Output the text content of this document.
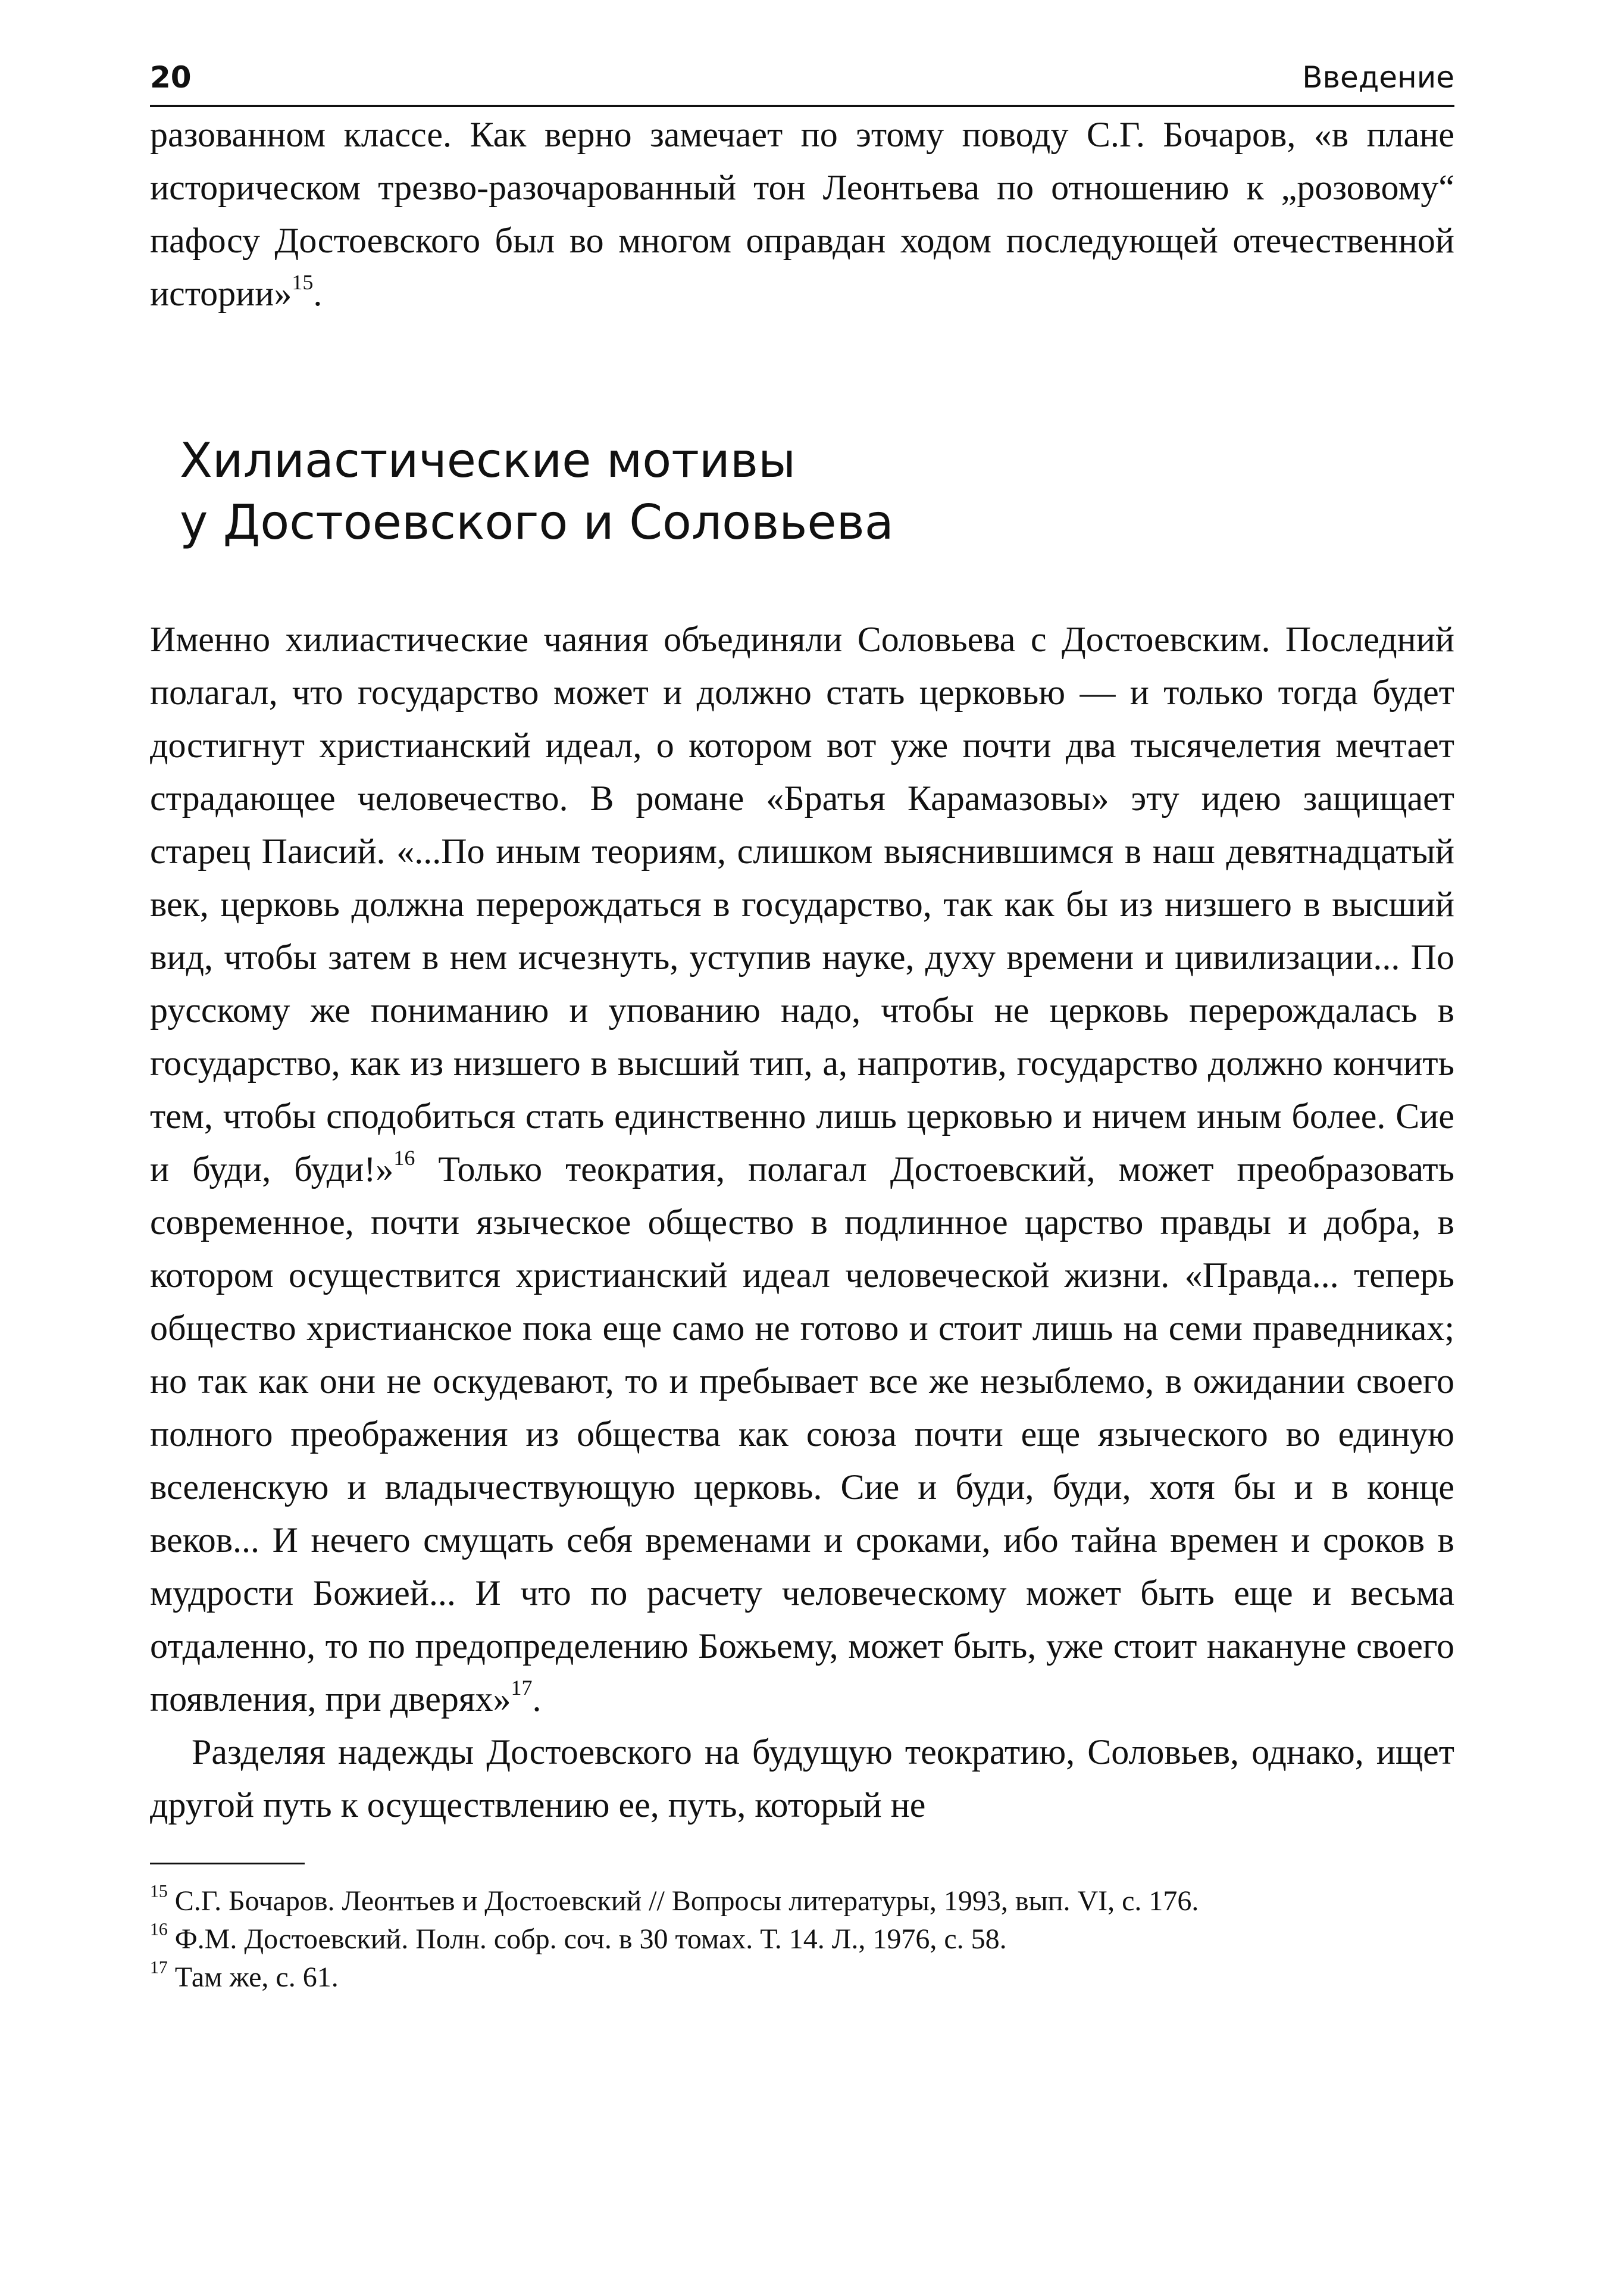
20	Введение

разованном классе. Как верно замечает по этому поводу С.Г. Бочаров, «в плане историческом трезво-разочарованный тон Леонтьева по отношению к „розовому“ пафосу Достоевского был во многом оправдан ходом последующей отечественной истории»$^{15}$.

Хилиастические мотивы
у Достоевского и Соловьева

Именно хилиастические чаяния объединяли Соловьева с Достоевским. Последний полагал, что государство может и должно стать церковью — и только тогда будет достигнут христианский идеал, о котором вот уже почти два тысячелетия мечтает страдающее человечество. В романе «Братья Карамазовы» эту идею защищает старец Паисий. «...По иным теориям, слишком выяснившимся в наш девятнадцатый век, церковь должна перерождаться в государство, так как бы из низшего в высший вид, чтобы затем в нем исчезнуть, уступив науке, духу времени и цивилизации... По русскому же пониманию и упованию надо, чтобы не церковь перерождалась в государство, как из низшего в высший тип, а, напротив, государство должно кончить тем, чтобы сподобиться стать единственно лишь церковью и ничем иным более. Сие и буди, буди!»$^{16}$ Только теократия, полагал Достоевский, может преобразовать современное, почти языческое общество в подлинное царство правды и добра, в котором осуществится христианский идеал человеческой жизни. «Правда... теперь общество христианское пока еще само не готово и стоит лишь на семи праведниках; но так как они не оскудевают, то и пребывает все же незыблемо, в ожидании своего полного преображения из общества как союза почти еще языческого во единую вселенскую и владычествующую церковь. Сие и буди, буди, хотя бы и в конце веков... И нечего смущать себя временами и сроками, ибо тайна времен и сроков в мудрости Божией... И что по расчету человеческому может быть еще и весьма отдаленно, то по предопределению Божьему, может быть, уже стоит накануне своего появления, при дверях»$^{17}$.

Разделяя надежды Достоевского на будущую теократию, Соловьев, однако, ищет другой путь к осуществлению ее, путь, который не

$^{15}$ С.Г. Бочаров. Леонтьев и Достоевский // Вопросы литературы, 1993, вып. VI, с. 176.

$^{16}$ Ф.М. Достоевский. Полн. собр. соч. в 30 томах. Т. 14. Л., 1976, с. 58.

$^{17}$ Там же, с. 61.
